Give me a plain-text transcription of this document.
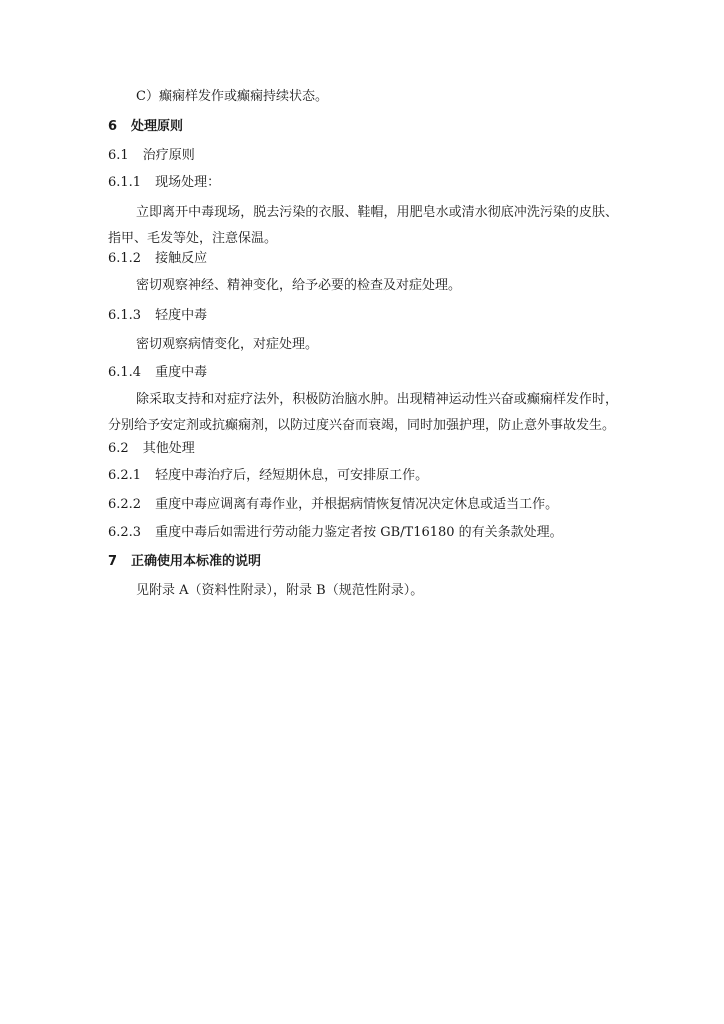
C）癫痫样发作或癫痫持续状态。
6 处理原则
6.1 治疗原则
6.1.1 现场处理：
立即离开中毒现场，脱去污染的衣服、鞋帽，用肥皂水或清水彻底冲洗污染的皮肤、指甲、毛发等处，注意保温。
6.1.2 接触反应
密切观察神经、精神变化，给予必要的检查及对症处理。
6.1.3 轻度中毒
密切观察病情变化，对症处理。
6.1.4 重度中毒
除采取支持和对症疗法外，积极防治脑水肿。出现精神运动性兴奋或癫痫样发作时，分别给予安定剂或抗癫痫剂，以防过度兴奋而衰竭，同时加强护理，防止意外事故发生。
6.2 其他处理
6.2.1 轻度中毒治疗后，经短期休息，可安排原工作。
6.2.2 重度中毒应调离有毒作业，并根据病情恢复情况决定休息或适当工作。
6.2.3 重度中毒后如需进行劳动能力鉴定者按 GB/T16180 的有关条款处理。
7 正确使用本标准的说明
见附录 A（资料性附录），附录 B（规范性附录）。
